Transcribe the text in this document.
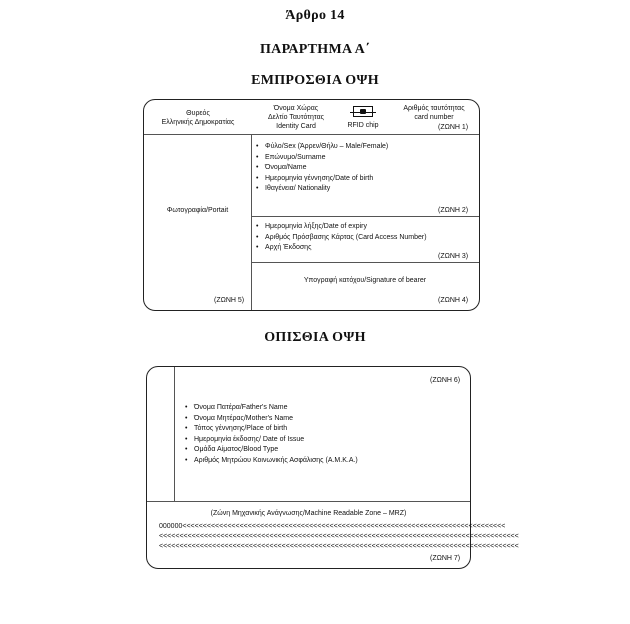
Άρθρο 14
ΠΑΡΑΡΤΗΜΑ Α΄
ΕΜΠΡΟΣΘΙΑ ΟΨΗ
Θυρεός
Ελληνικής Δημοκρατίας
Όνομα Χώρας
Δελτίο Ταυτότητας
Identity Card	RFID chip
Αριθμός ταυτότητας
card number
(ΖΩΝΗ 1)
Φωτογραφία/Portait
(ΖΩΝΗ 5)
• Φύλο/Sex (Άρρεν/Θήλυ – Male/Female)
• Επώνυμο/Surname
• Όνομα/Name
• Ημερομηνία γέννησης/Date of birth
• Ιθαγένεια/ Nationality
(ΖΩΝΗ 2)
• Ημερομηνία λήξης/Date of expiry
• Αριθμός Πρόσβασης Κάρτας (Card Access Number)
• Αρχή Έκδοσης
(ΖΩΝΗ 3)
Υπογραφή κατόχου/Signature of bearer
(ΖΩΝΗ 4)
ΟΠΙΣΘΙΑ ΟΨΗ
(ΖΩΝΗ 6)
• Όνομα Πατέρα/Father's Name
• Όνομα Μητέρας/Mother's Name
• Τόπος γέννησης/Place of birth
• Ημερομηνία έκδοσης/ Date of Issue
• Ομάδα Αίματος/Blood Type
• Αριθμός Μητρώου Κοινωνικής Ασφάλισης (Α.Μ.Κ.Α.)
(Ζώνη Μηχανικής Ανάγνωσης/Machine Readable Zone – MRZ)
000000<<<<<<<<<<<<<<<<<<<<<<<<<<<<<<<<<<<<<<<<<<<<<<<<<<<<<<<<<<<<<<<<<<<<<<<<<<<<<<<
<<<<<<<<<<<<<<<<<<<<<<<<<<<<<<<<<<<<<<<<<<<<<<<<<<<<<<<<<<<<<<<<<<<<<<<<<<<<<<<<<<<<<<<<
<<<<<<<<<<<<<<<<<<<<<<<<<<<<<<<<<<<<<<<<<<<<<<<<<<<<<<<<<<<<<<<<<<<<<<<<<<<<<<<<<<<<<<<<
(ΖΩΝΗ 7)
